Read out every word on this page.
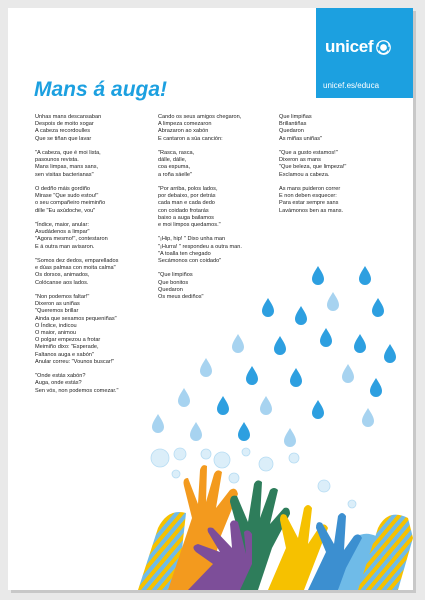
unicef
unicef.es/educa
Mans á auga!
Unhas mans descansaban
Despois de moito xogar
A cabeza recordoulles
Que se tiñan que lavar
"A cabeza, que é moi lista,
pasounos revista.
Mans limpas, mans sans,
sen visitas bacterianas"
O dedño máis gordiño
Mirase "Que sudo estou!"
o seu compañeiro meiminño
dille "Eu axúdoche, vou"
"Índice, maior, anular:
Axudádenos a limpar"
"Agora mesmo!", contestaron
E á outra man avisaron.
"Somos dez dedos, emparellados
e dúas palmas con moita calma"
Os dorsos, animados,
Colócanse aos lados.
"Non podemos faltar!"
Dixeron as uniñas
"Queremos brillar
Ainda que sexamos pequeniñas"
O Índice, indicou
O maior, animou
O polgar empezou a frotar
Meimiño dixo: "Esperade,
Faltanos auga e xabón"
Anular correu: "Vounos buscar!"
"Onde estás xabón?
Auga, onde estás?
Sen vós, non podemos comezar."
Cando os seus amigos chegaron,
A limpeza comezaron
Abrazaron ao xabón
E cantaron a súa canción:
"Rasca, rasca,
dálle, dálle,
coa espuma,
a roña sáelle"
"Por arriba, polos lados,
por debaixo, por detrás
cada man e cada dedo
con coidado frotarás
baixo a auga bailamos
e moi limpos quedamos."
"¡Hip, hip! " Dixo unha man
"¡Hurra! " respondeu a outra man.
"A toalla ten chegado
Secámonos con coidado"
"Que limpiños
Que bonitos
Quedaron
Os meus dediños"
Que limpiñas
Brillantiñas
Quedaron
As miñas uniñas"
"Que a gusto estamos!"
Dixeron as mans
"Que beleza, que limpeza!"
Exclamou a cabeza.
As mans puideron correr
E non deben esquecer:
Para estar sempre sans
Lavámonos ben as mans.
